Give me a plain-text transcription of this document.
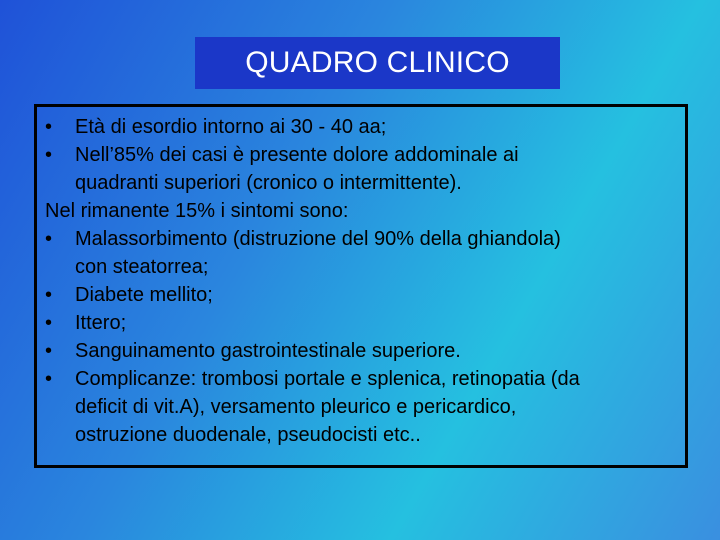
QUADRO CLINICO
•	Età di esordio intorno ai 30 - 40 aa;
•	Nell’85% dei casi è presente dolore addominale ai
quadranti superiori (cronico o intermittente).
Nel rimanente 15% i sintomi sono:
•	Malassorbimento (distruzione del 90% della ghiandola)
con steatorrea;
•	Diabete mellito;
•	Ittero;
•	Sanguinamento gastrointestinale superiore.
•	Complicanze: trombosi portale e splenica, retinopatia (da
deficit di vit.A), versamento pleurico e pericardico,
ostruzione duodenale, pseudocisti etc..
